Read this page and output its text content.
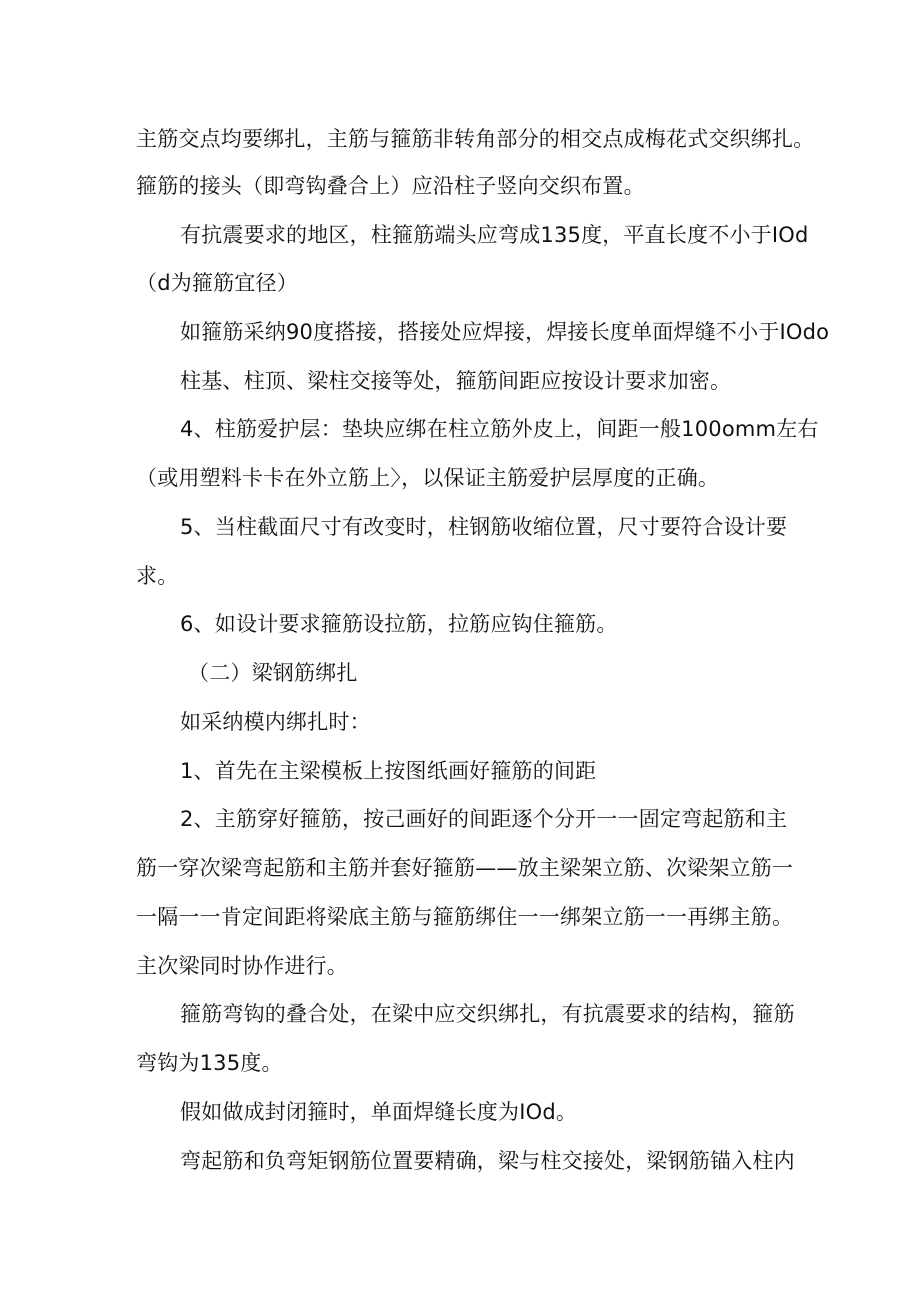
主筋交点均要绑扎，主筋与箍筋非转角部分的相交点成梅花式交织绑扎。
箍筋的接头（即弯钩叠合上）应沿柱子竖向交织布置。
有抗震要求的地区，柱箍筋端头应弯成135度，平直长度不小于IOd
（d为箍筋宜径）
如箍筋采纳90度搭接，搭接处应焊接，焊接长度单面焊缝不小于IOdo
柱基、柱顶、梁柱交接等处，箍筋间距应按设计要求加密。
4、柱筋爱护层：垫块应绑在柱立筋外皮上，间距一般100omm左右
（或用塑料卡卡在外立筋上〉，以保证主筋爱护层厚度的正确。
5、当柱截面尺寸有改变时，柱钢筋收缩位置，尺寸要符合设计要
求。
6、如设计要求箍筋设拉筋，拉筋应钩住箍筋。
（二）梁钢筋绑扎
如采纳模内绑扎时：
1、首先在主梁模板上按图纸画好箍筋的间距
2、主筋穿好箍筋，按己画好的间距逐个分开一一固定弯起筋和主
筋一穿次梁弯起筋和主筋并套好箍筋——放主梁架立筋、次梁架立筋一
一隔一一肯定间距将梁底主筋与箍筋绑住一一绑架立筋一一再绑主筋。
主次梁同时协作进行。
箍筋弯钩的叠合处，在梁中应交织绑扎，有抗震要求的结构，箍筋
弯钩为135度。
假如做成封闭箍时，单面焊缝长度为IOd。
弯起筋和负弯矩钢筋位置要精确，梁与柱交接处，梁钢筋锚入柱内
